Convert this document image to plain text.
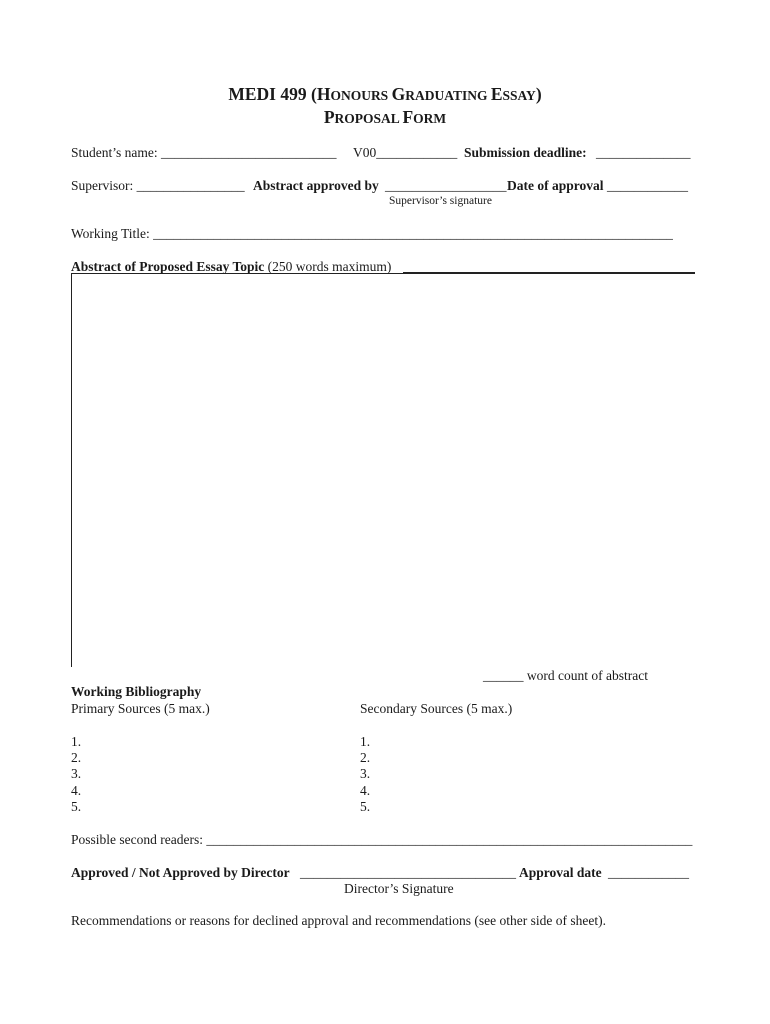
MEDI 499 (HONOURS GRADUATING ESSAY)
PROPOSAL FORM
Student’s name: __________________________ V00____________ Submission deadline: ______________
Supervisor: ________________ Abstract approved by __________________ Date of approval ____________
Supervisor’s signature
Working Title: _____________________________________________________________________________
Abstract of Proposed Essay Topic (250 words maximum)
______ word count of abstract
Working Bibliography
Primary Sources (5 max.)	Secondary Sources (5 max.)
1.
2.
3.
4.
5.
1.
2.
3.
4.
5.
Possible second readers: ________________________________________________________________________
Approved / Not Approved by Director ________________________________ Approval date ____________
Director’s Signature
Recommendations or reasons for declined approval and recommendations (see other side of sheet).
